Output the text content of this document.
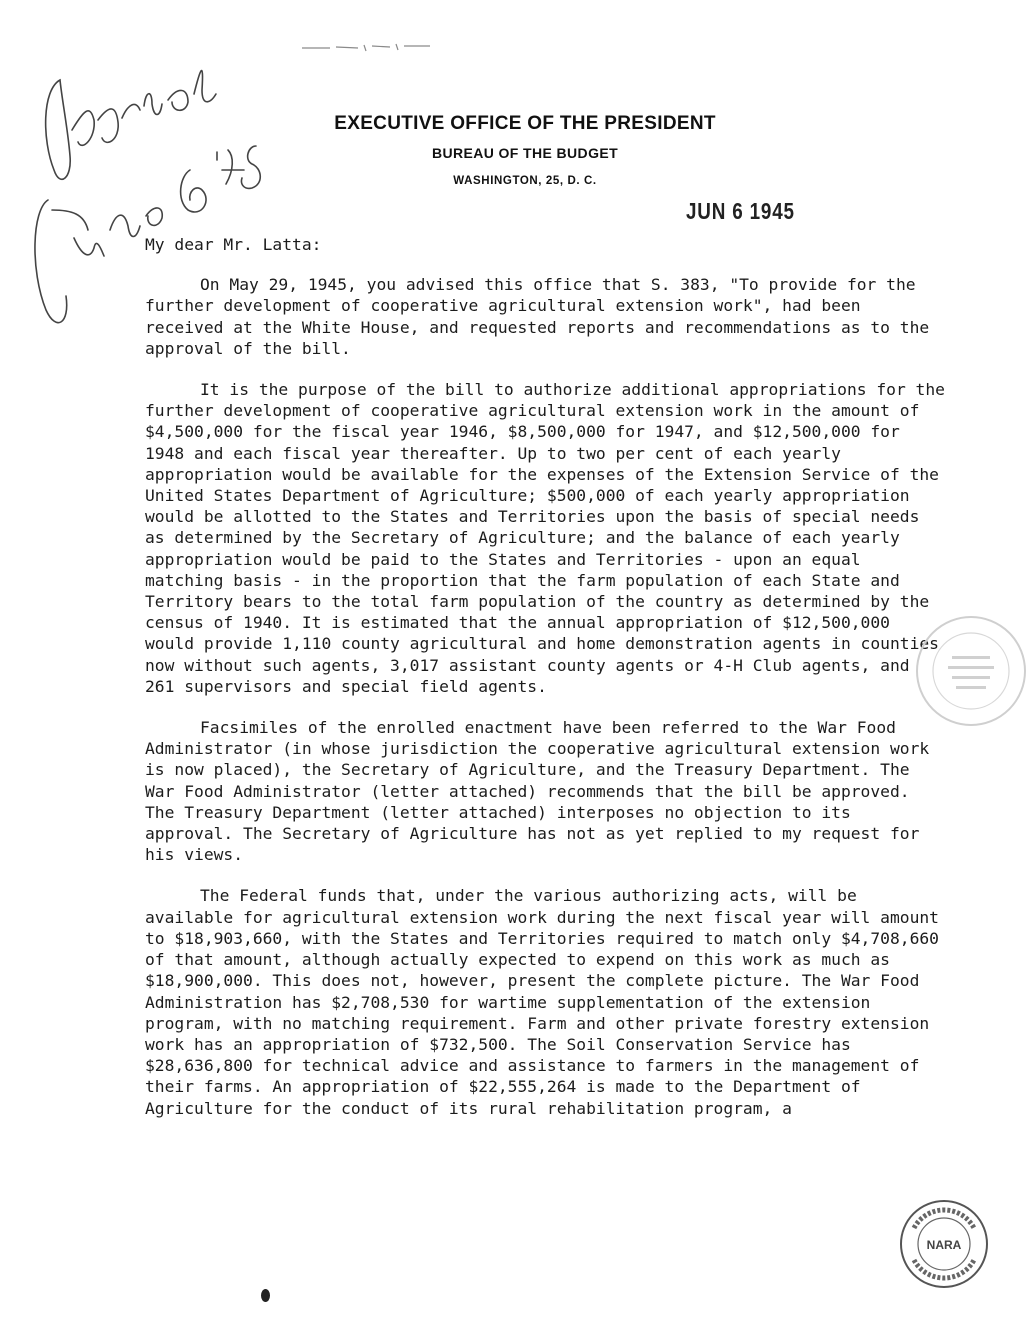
EXECUTIVE OFFICE OF THE PRESIDENT
BUREAU OF THE BUDGET
WASHINGTON, 25, D. C.
JUN 6 1945

My dear Mr. Latta:

On May 29, 1945, you advised this office that S. 383, "To provide for the further development of cooperative agricultural extension work", had been received at the White House, and requested reports and recommendations as to the approval of the bill.

It is the purpose of the bill to authorize additional appropriations for the further development of cooperative agricultural extension work in the amount of $4,500,000 for the fiscal year 1946, $8,500,000 for 1947, and $12,500,000 for 1948 and each fiscal year thereafter. Up to two per cent of each yearly appropriation would be available for the expenses of the Extension Service of the United States Department of Agriculture; $500,000 of each yearly appropriation would be allotted to the States and Territories upon the basis of special needs as determined by the Secretary of Agriculture; and the balance of each yearly appropriation would be paid to the States and Territories - upon an equal matching basis - in the proportion that the farm population of each State and Territory bears to the total farm population of the country as determined by the census of 1940. It is estimated that the annual appropriation of $12,500,000 would provide 1,110 county agricultural and home demonstration agents in counties now without such agents, 3,017 assistant county agents or 4-H Club agents, and 261 supervisors and special field agents.

Facsimiles of the enrolled enactment have been referred to the War Food Administrator (in whose jurisdiction the cooperative agricultural extension work is now placed), the Secretary of Agriculture, and the Treasury Department. The War Food Administrator (letter attached) recommends that the bill be approved. The Treasury Department (letter attached) interposes no objection to its approval. The Secretary of Agriculture has not as yet replied to my request for his views.

The Federal funds that, under the various authorizing acts, will be available for agricultural extension work during the next fiscal year will amount to $18,903,660, with the States and Territories required to match only $4,708,660 of that amount, although actually expected to expend on this work as much as $18,900,000. This does not, however, present the complete picture. The War Food Administration has $2,708,530 for wartime supplementation of the extension program, with no matching requirement. Farm and other private forestry extension work has an appropriation of $732,500. The Soil Conservation Service has $28,636,800 for technical advice and assistance to farmers in the management of their farms. An appropriation of $22,555,264 is made to the Department of Agriculture for the conduct of its rural rehabilitation program, a

NARA
